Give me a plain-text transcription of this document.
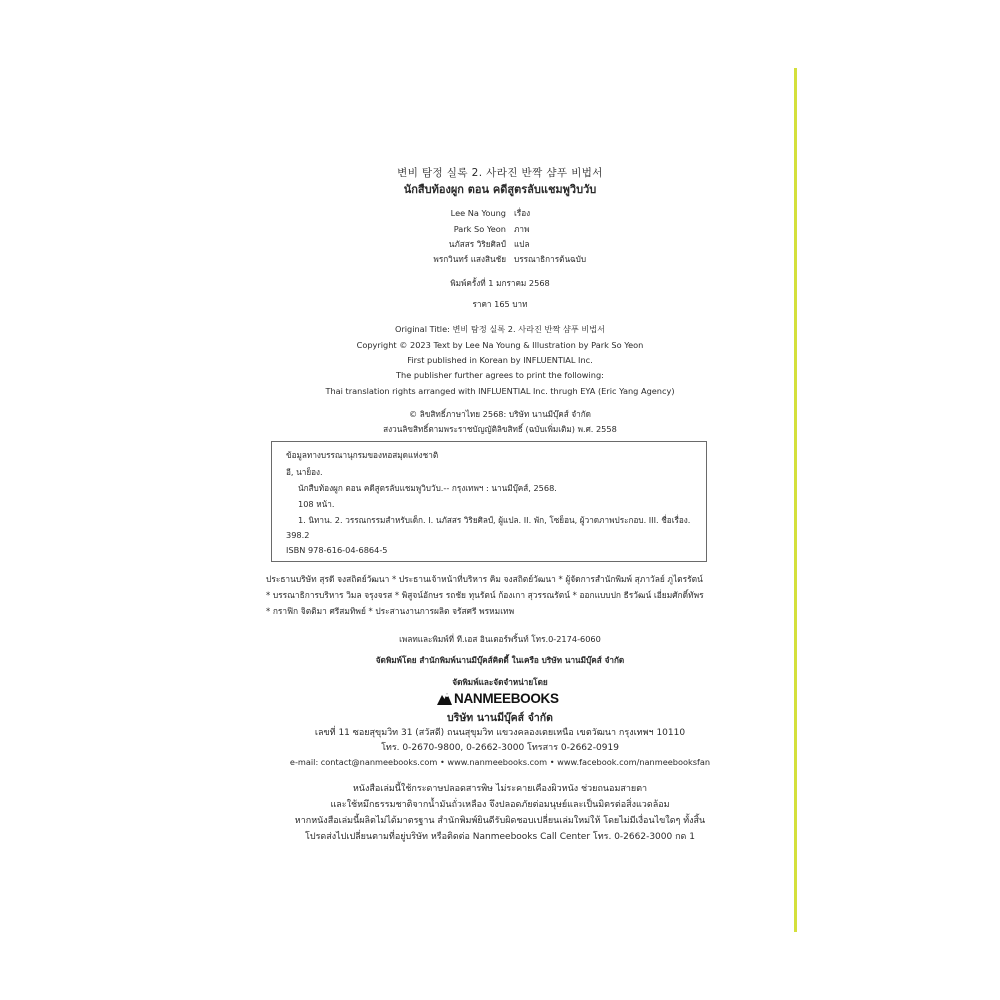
변비 탐정 실록 2. 사라진 반짝 샴푸 비법서
นักสืบท้องผูก ตอน คดีสูตรลับแชมพูวิบวับ
Lee Na Young เรื่อง
Park So Yeon ภาพ
นภัสสร วิริยศิลป์ แปล
พรกวินทร์ แสงสินชัย บรรณาธิการต้นฉบับ
พิมพ์ครั้งที่ 1 มกราคม 2568
ราคา 165 บาท
Original Title: 변비 탐정 실록 2. 사라진 반짝 샴푸 비법서
Copyright © 2023 Text by Lee Na Young & Illustration by Park So Yeon
First published in Korean by INFLUENTIAL Inc.
The publisher further agrees to print the following:
Thai translation rights arranged with INFLUENTIAL Inc. thrugh EYA (Eric Yang Agency)
© ลิขสิทธิ์ภาษาไทย 2568: บริษัท นานมีบุ๊คส์ จำกัด
สงวนลิขสิทธิ์ตามพระราชบัญญัติลิขสิทธิ์ (ฉบับเพิ่มเติม) พ.ศ. 2558
ข้อมูลทางบรรณานุกรมของหอสมุดแห่งชาติ
อี, นาย็อง.
นักสืบท้องผูก ตอน คดีสูตรลับแชมพูวิบวับ.-- กรุงเทพฯ : นานมีบุ๊คส์, 2568.
108 หน้า.
1. นิทาน. 2. วรรณกรรมสำหรับเด็ก. I. นภัสสร วิริยศิลป์, ผู้แปล. II. พัก, โซย็อน, ผู้วาดภาพประกอบ. III. ชื่อเรื่อง.
398.2
ISBN 978-616-04-6864-5
ประธานบริษัท สุรดี จงสถิตย์วัฒนา * ประธานเจ้าหน้าที่บริหาร คิม จงสถิตย์วัฒนา * ผู้จัดการสำนักพิมพ์ สุภาวัลย์ ภูไตรรัตน์
* บรรณาธิการบริหาร วิมล จรุงจรส * พิสูจน์อักษร รถชัย ทุนรัตน์ ก้องเกา สุวรรณรัตน์ * ออกแบบปก ธีรวัฒน์ เอี่ยมศักดิ์ทัพร
* กราฟิก จิตติมา ศรีสมทิพย์ * ประสานงานการผลิต จรัสศรี พรหมเทพ
เพลทและพิมพ์ที่ ที.เอส อินเตอร์พริ้นท์ โทร.0-2174-6060
จัดพิมพ์โดย สำนักพิมพ์นานมีบุ๊คส์คิดดี้ ในเครือ บริษัท นานมีบุ๊คส์ จำกัด
จัดพิมพ์และจัดจำหน่ายโดย
NANMEEBOOKS
บริษัท นานมีบุ๊คส์ จำกัด
เลขที่ 11 ซอยสุขุมวิท 31 (สวัสดี) ถนนสุขุมวิท แขวงคลองเตยเหนือ เขตวัฒนา กรุงเทพฯ 10110
โทร. 0-2670-9800, 0-2662-3000 โทรสาร 0-2662-0919
e-mail: contact@nanmeebooks.com • www.nanmeebooks.com • www.facebook.com/nanmeebooksfan
หนังสือเล่มนี้ใช้กระดาษปลอดสารพิษ ไม่ระคายเคืองผิวหนัง ช่วยถนอมสายตา
และใช้หมึกธรรมชาติจากน้ำมันถั่วเหลือง จึงปลอดภัยต่อมนุษย์และเป็นมิตรต่อสิ่งแวดล้อม
หากหนังสือเล่มนี้ผลิตไม่ได้มาตรฐาน สำนักพิมพ์ยินดีรับผิดชอบเปลี่ยนเล่มใหม่ให้ โดยไม่มีเงื่อนไขใดๆ ทั้งสิ้น
โปรดส่งไปเปลี่ยนตามที่อยู่บริษัท หรือติดต่อ Nanmeebooks Call Center โทร. 0-2662-3000 กด 1
